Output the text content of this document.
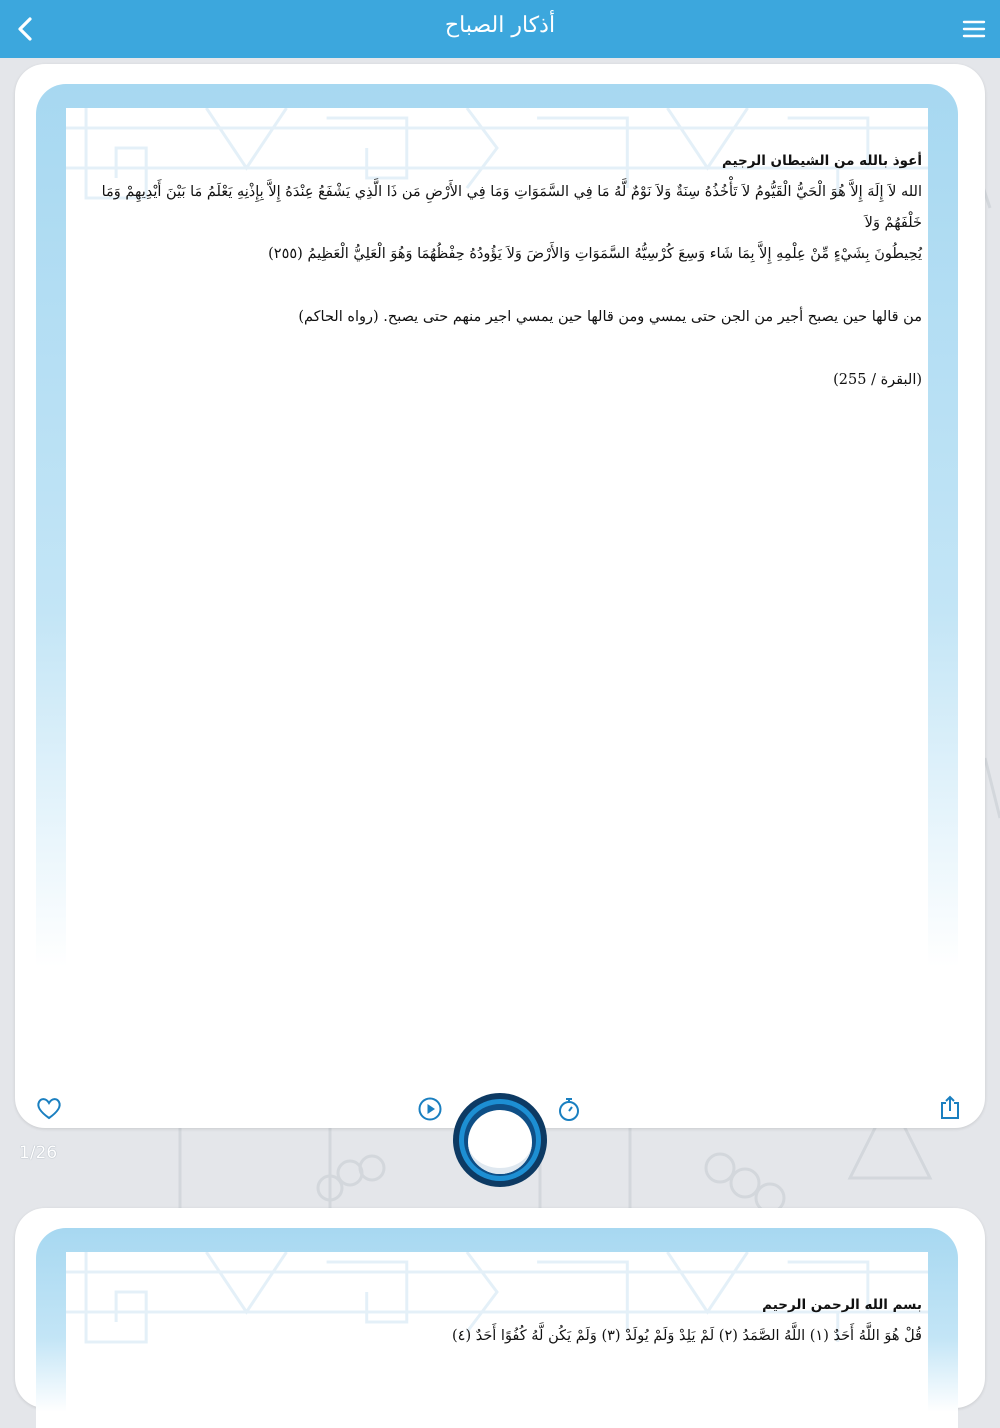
أذكار الصباح

أعوذ بالله من الشيطان الرجيم

الله لاَ إِلَهَ إِلاَّ هُوَ الْحَيُّ الْقَيُّومُ لاَ تَأْخُذُهُ سِنَةٌ وَلاَ نَوْمٌ لَّهُ مَا فِي السَّمَوَاتِ وَمَا فِي الأَرْضِ مَن ذَا الَّذِي يَشْفَعُ عِنْدَهُ إِلاَّ بِإِذْنِهِ يَعْلَمُ مَا بَيْنَ أَيْدِيهِمْ وَمَا خَلْفَهُمْ وَلاَ

يُحِيطُونَ بِشَيْءٍ مِّنْ عِلْمِهِ إِلاَّ بِمَا شَاء وَسِعَ كُرْسِيُّهُ السَّمَوَاتِ وَالأَرْضَ وَلاَ يَؤُودُهُ حِفْظُهُمَا وَهُوَ الْعَلِيُّ الْعَظِيمُ (٢٥٥)

من قالها حين يصبح أجير من الجن حتى يمسي ومن قالها حين يمسي اجير منهم حتى يصبح. (رواه الحاكم)

(البقرة / 255)

1/26

بسم الله الرحمن الرحيم

قُلْ هُوَ اللَّهُ أَحَدٌ (١) اللَّهُ الصَّمَدُ (٢) لَمْ يَلِدْ وَلَمْ يُولَدْ (٣) وَلَمْ يَكُن لَّهُ كُفُوًا أَحَدٌ (٤)
